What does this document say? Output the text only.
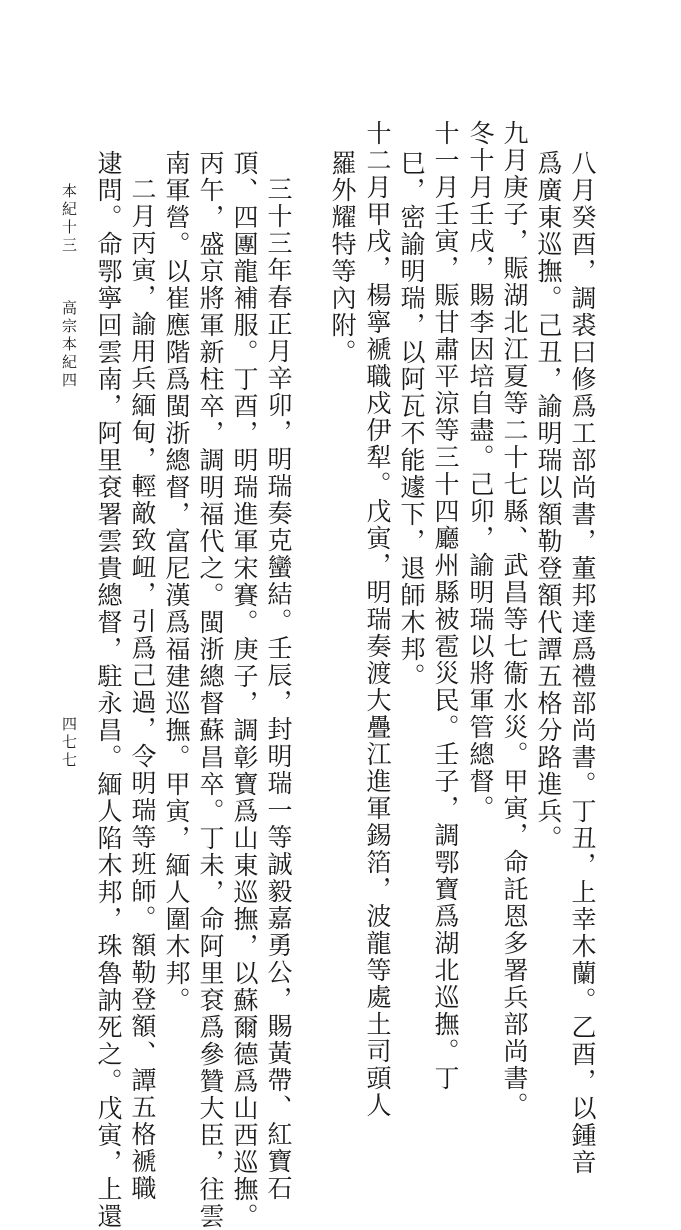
八月癸酉，調裘曰修爲工部尚書，董邦達爲禮部尚書。丁丑，上幸木蘭。乙酉，以鍾音
爲廣東巡撫。己丑，諭明瑞以額勒登額代譚五格分路進兵。
九月庚子，賑湖北江夏等二十七縣、武昌等七衞水災。甲寅，命託恩多署兵部尚書。
冬十月壬戌，賜李因培自盡。己卯，諭明瑞以將軍管總督。
十一月壬寅，賑甘肅平涼等三十四廳州縣被雹災民。壬子，調鄂寶爲湖北巡撫。丁
巳，密諭明瑞，以阿瓦不能遽下，退師木邦。
十二月甲戌，楊寧褫職戍伊犁。戊寅，明瑞奏渡大疊江進軍錫箔，波龍等處土司頭人
羅外耀特等內附。
三十三年春正月辛卯，明瑞奏克蠻結。壬辰，封明瑞一等誠毅嘉勇公，賜黃帶、紅寶石
頂、四團龍補服。丁酉，明瑞進軍宋賽。庚子，調彰寶爲山東巡撫，以蘇爾德爲山西巡撫。
丙午，盛京將軍新柱卒，調明福代之。閩浙總督蘇昌卒。丁未，命阿里袞爲參贊大臣，往雲
南軍營。以崔應階爲閩浙總督，富尼漢爲福建巡撫。甲寅，緬人圍木邦。
二月丙寅，諭用兵緬甸，輕敵致衄，引爲己過，令明瑞等班師。額勒登額、譚五格褫職
逮問。命鄂寧回雲南，阿里袞署雲貴總督，駐永昌。緬人陷木邦，珠魯訥死之。戊寅，上還
本紀十三
高宗本紀四
四七七
